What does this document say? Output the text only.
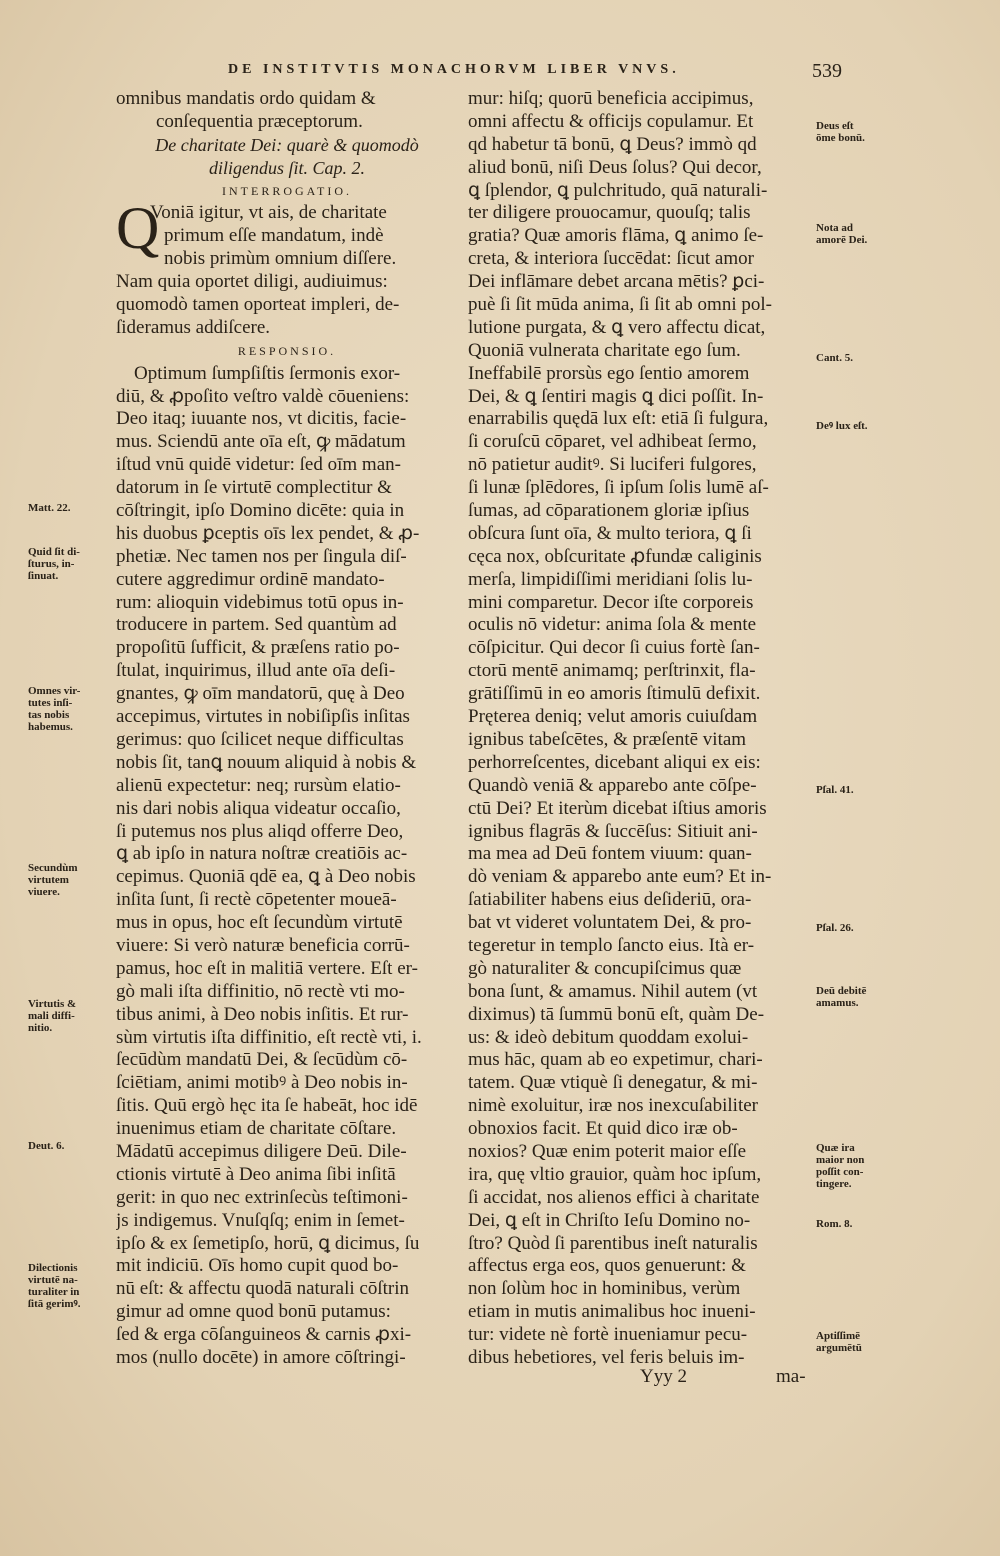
DE INSTITVTIS MONACHORVM LIBER VNVS.	539
omnibus mandatis ordo quidam &
conſequentia præceptorum.
De charitate Dei: quarè & quomodò
diligendus ſit. Cap. 2.
INTERROGATIO.
Q
Voniā igitur, vt ais, de charitate
primum eſſe mandatum, indè
nobis primùm omnium diſſere.
Nam quia oportet diligi, audiuimus:
quomodò tamen oporteat impleri, de-
ſideramus addiſcere.
RESPONSIO.
Optimum ſumpſiſtis ſermonis exor-
diū, & ꝓpoſito veſtro valdè cōueniens:
Deo itaq; iuuante nos, vt dicitis, facie-
mus. Sciendū ante oīa eſt, ꝙ mādatum
iſtud vnū quidē videtur: ſed oīm man-
datorum in ſe virtutē complectitur &
cōſtringit, ipſo Domino dicēte: quia in
his duobus ꝑceptis oīs lex pendet, & ꝓ-
phetiæ. Nec tamen nos per ſingula diſ-
cutere aggredimur ordinē mandato-
rum: alioquin videbimus totū opus in-
troducere in partem. Sed quantùm ad
propoſitū ſufficit, & præſens ratio po-
ſtulat, inquirimus, illud ante oīa deſi-
gnantes, ꝙ oīm mandatorū, quę à Deo
accepimus, virtutes in nobiſipſis inſitas
gerimus: quo ſcilicet neque difficultas
nobis ſit, tanꝗ nouum aliquid à nobis &
alienū expectetur: neq; rursùm elatio-
nis dari nobis aliqua videatur occaſio,
ſi putemus nos plus aliqd offerre Deo,
ꝗ ab ipſo in natura noſtræ creatiōis ac-
cepimus. Quoniā qdē ea, ꝗ à Deo nobis
inſita ſunt, ſi rectè cōpetenter moueā-
mus in opus, hoc eſt ſecundùm virtutē
viuere: Si verò naturæ beneficia corrū-
pamus, hoc eſt in malitiā vertere. Eſt er-
gò mali iſta diffinitio, nō rectè vti mo-
tibus animi, à Deo nobis inſitis. Et rur-
sùm virtutis iſta diffinitio, eſt rectè vti, i.
ſecūdùm mandatū Dei, & ſecūdùm cō-
ſciētiam, animi motibꝰ à Deo nobis in-
ſitis. Quū ergò hęc ita ſe habeāt, hoc idē
inuenimus etiam de charitate cōſtare.
Mādatū accepimus diligere Deū. Dile-
ctionis virtutē à Deo anima ſibi inſitā
gerit: in quo nec extrinſecùs teſtimoni-
js indigemus. Vnuſqſq; enim in ſemet-
ipſo & ex ſemetipſo, horū, ꝗ dicimus, ſu
mit indiciū. Oīs homo cupit quod bo-
nū eſt: & affectu quodā naturali cōſtrin
gimur ad omne quod bonū putamus:
ſed & erga cōſanguineos & carnis ꝓxi-
mos (nullo docēte) in amore cōſtringi-
mur: hiſq; quorū beneficia accipimus,
omni affectu & officijs copulamur. Et
qd habetur tā bonū, ꝗ Deus? immò qd
aliud bonū, niſi Deus ſolus? Qui decor,
ꝗ ſplendor, ꝗ pulchritudo, quā naturali-
ter diligere prouocamur, quouſq; talis
gratia? Quæ amoris flāma, ꝗ animo ſe-
creta, & interiora ſuccēdat: ſicut amor
Dei inflāmare debet arcana mētis? ꝑci-
puè ſi ſit mūda anima, ſi ſit ab omni pol-
lutione purgata, & ꝗ vero affectu dicat,
Quoniā vulnerata charitate ego ſum.
Ineffabilē prorsùs ego ſentio amorem
Dei, & ꝗ ſentiri magis ꝗ dici poſſit. In-
enarrabilis quędā lux eſt: etiā ſi fulgura,
ſi coruſcū cōparet, vel adhibeat ſermo,
nō patietur auditꝰ. Si luciferi fulgores,
ſi lunæ ſplēdores, ſi ipſum ſolis lumē aſ-
ſumas, ad cōparationem gloriæ ipſius
obſcura ſunt oīa, & multo teriora, ꝗ ſi
cęca nox, obſcuritate ꝓfundæ caliginis
merſa, limpidiſſimi meridiani ſolis lu-
mini comparetur. Decor iſte corporeis
oculis nō videtur: anima ſola & mente
cōſpicitur. Qui decor ſi cuius fortè ſan-
ctorū mentē animamq; perſtrinxit, fla-
grātiſſimū in eo amoris ſtimulū defixit.
Pręterea deniq; velut amoris cuiuſdam
ignibus tabeſcētes, & præſentē vitam
perhorreſcentes, dicebant aliqui ex eis:
Quandò veniā & apparebo ante cōſpe-
ctū Dei? Et iterùm dicebat iſtius amoris
ignibus flagrās & ſuccēſus: Sitiuit ani-
ma mea ad Deū fontem viuum: quan-
dò veniam & apparebo ante eum? Et in-
ſatiabiliter habens eius deſideriū, ora-
bat vt videret voluntatem Dei, & pro-
tegeretur in templo ſancto eius. Ità er-
gò naturaliter & concupiſcimus quæ
bona ſunt, & amamus. Nihil autem (vt
diximus) tā ſummū bonū eſt, quàm De-
us: & ideò debitum quoddam exolui-
mus hāc, quam ab eo expetimur, chari-
tatem. Quæ vtiquè ſi denegatur, & mi-
nimè exoluitur, iræ nos inexcuſabiliter
obnoxios facit. Et quid dico iræ ob-
noxios? Quæ enim poterit maior eſſe
ira, quę vltio grauior, quàm hoc ipſum,
ſi accidat, nos alienos effici à charitate
Dei, ꝗ eſt in Chriſto Ieſu Domino no-
ſtro? Quòd ſi parentibus ineſt naturalis
affectus erga eos, quos genuerunt: &
non ſolùm hoc in hominibus, verùm
etiam in mutis animalibus hoc inueni-
tur: videte nè fortè inueniamur pecu-
dibus hebetiores, vel feris beluis im-
Matt. 22.
Quid ſit di-
ſturus, in-
ſinuat.
Omnes vir-
tutes inſi-
tas nobis
habemus.
Secundùm
virtutem
viuere.
Virtutis &
mali diffi-
nitio.
Deut. 6.
Dilectionis
virtutē na-
turaliter in
ſitā gerimꝰ.
Deus eſt
ōme bonū.
Nota ad
amorē Dei.
Cant. 5.
Deꝰ lux eſt.
Pſal. 41.
Pſal. 26.
Deū debitē
amamus.
Quæ ira
maior non
poſſit con-
tingere.
Rom. 8.
Aptiſſimē
argumētū
Yyy 2	ma-
